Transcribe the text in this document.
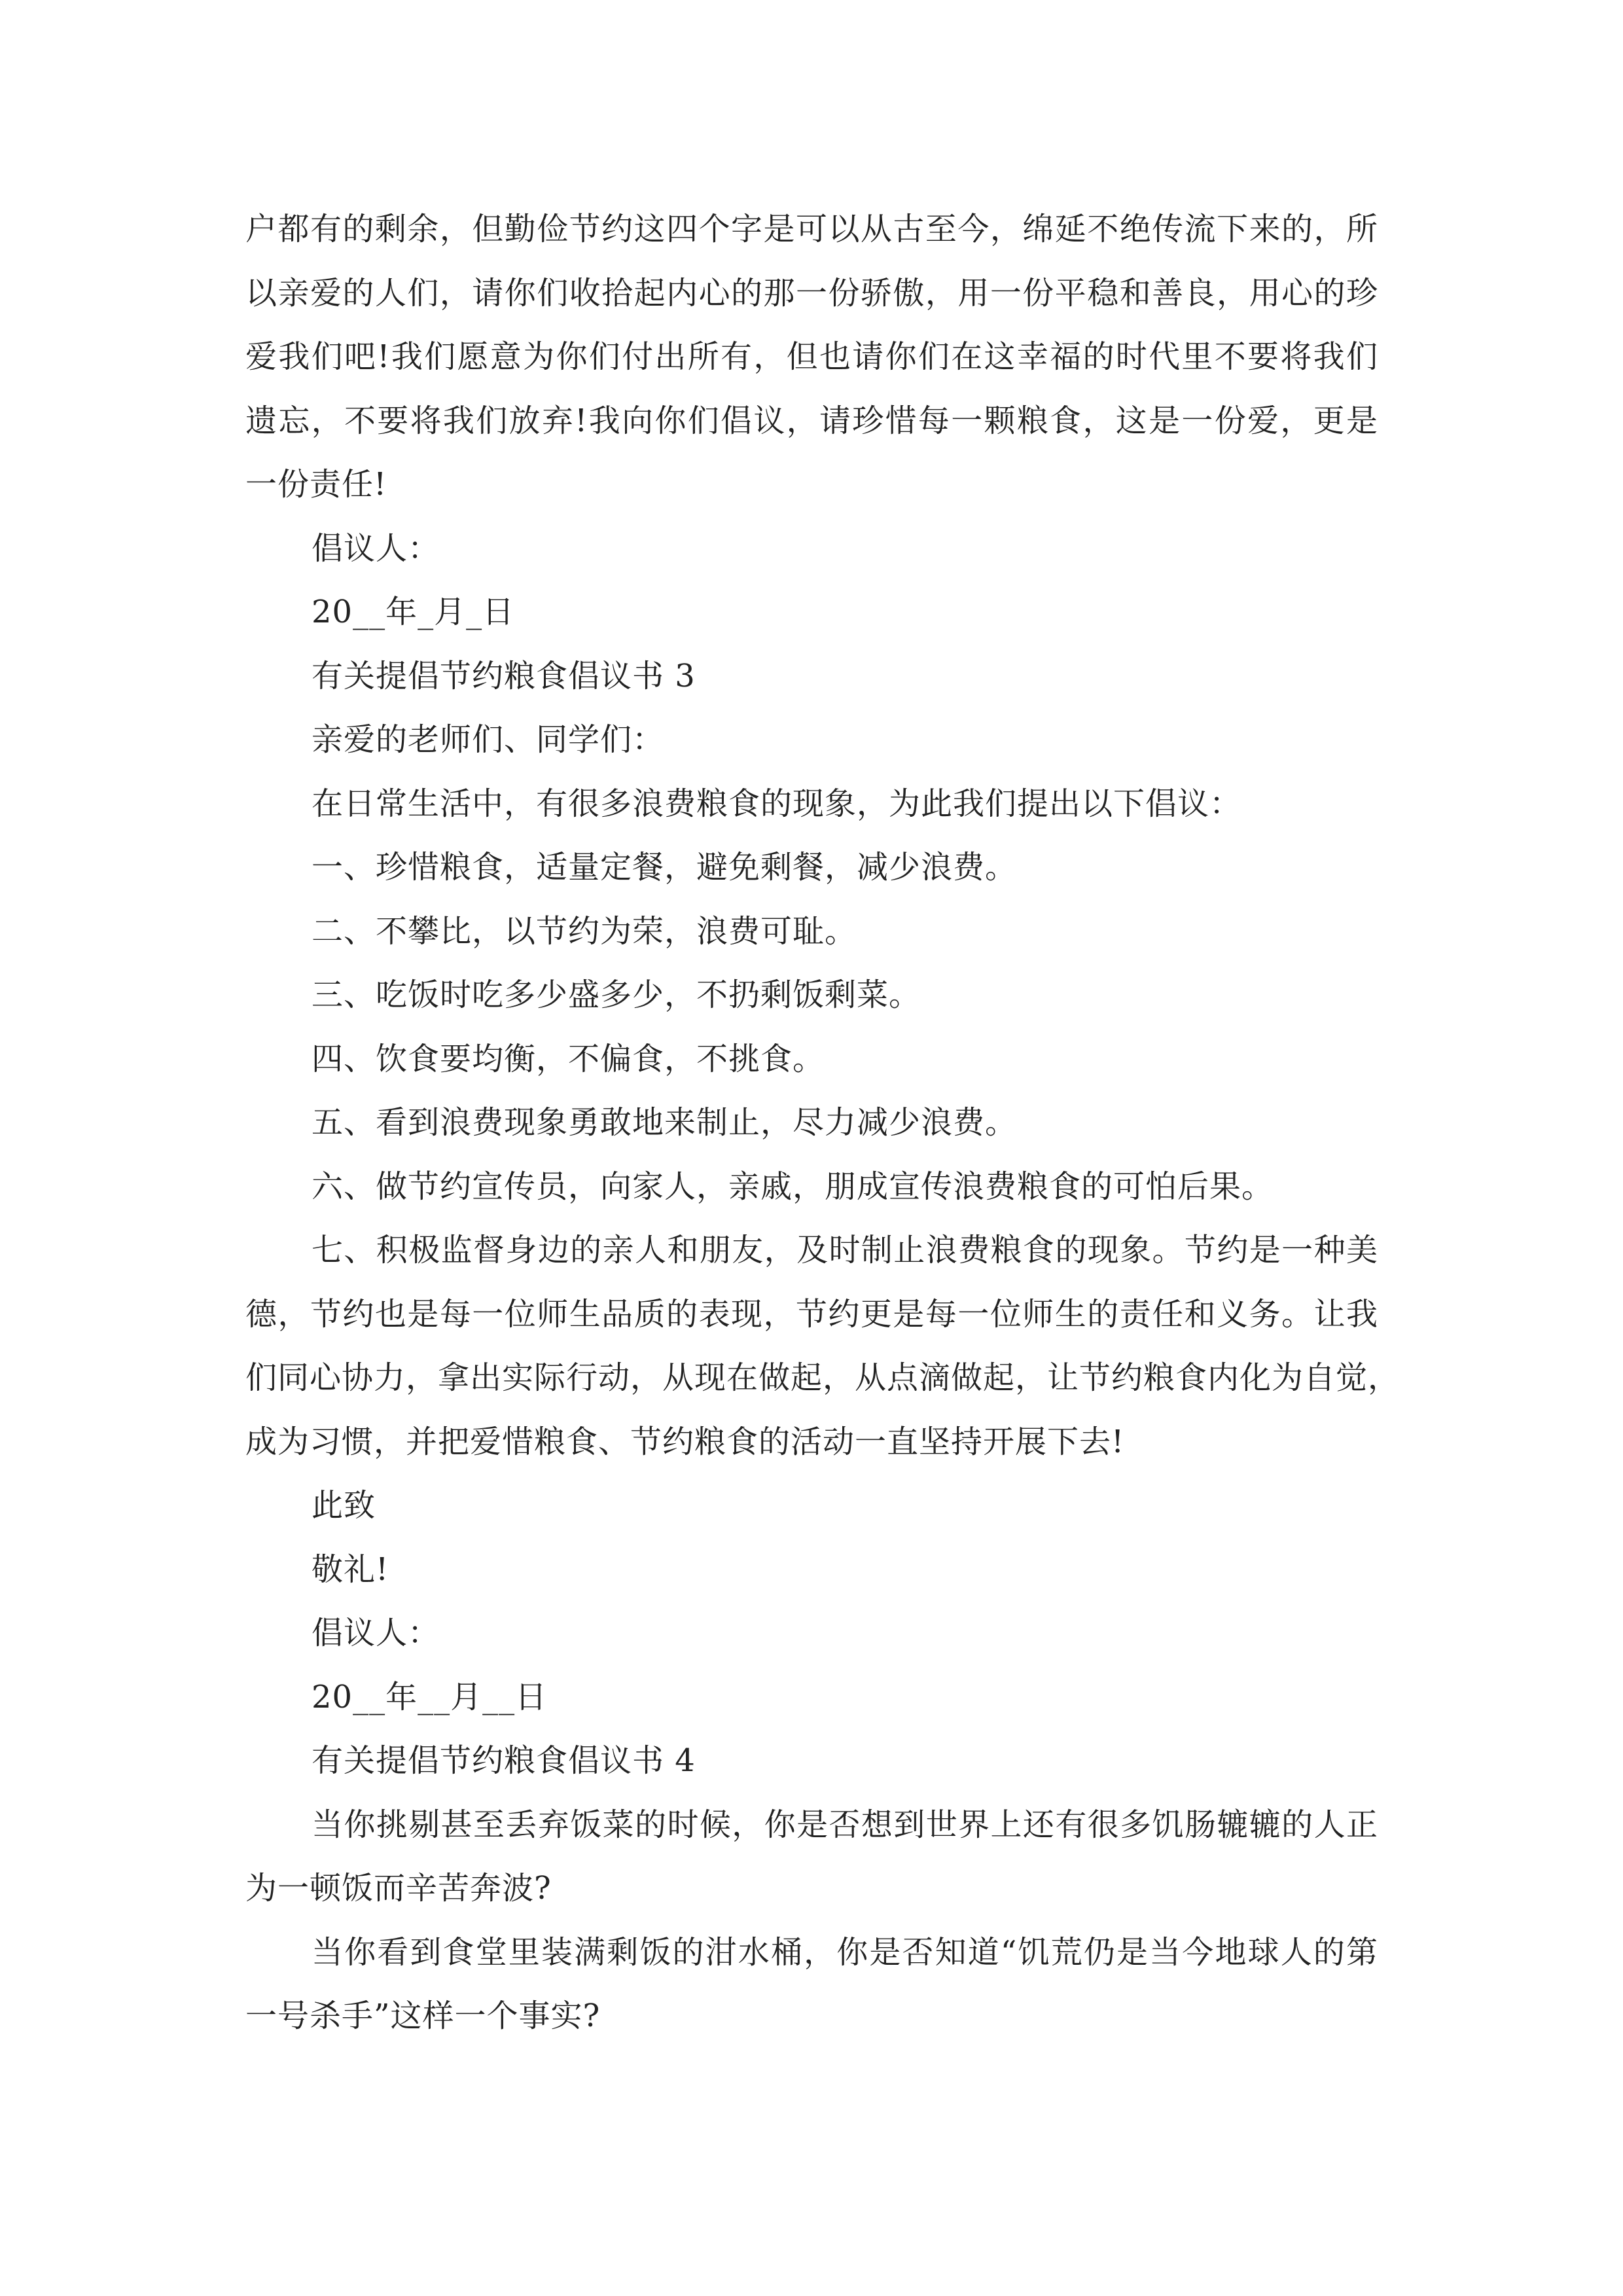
户都有的剩余，但勤俭节约这四个字是可以从古至今，绵延不绝传流下来的，所
以亲爱的人们，请你们收拾起内心的那一份骄傲，用一份平稳和善良，用心的珍
爱我们吧!我们愿意为你们付出所有，但也请你们在这幸福的时代里不要将我们
遗忘，不要将我们放弃!我向你们倡议，请珍惜每一颗粮食，这是一份爱，更是
一份责任!
倡议人：
20__年_月_日
有关提倡节约粮食倡议书 3
亲爱的老师们、同学们：
在日常生活中，有很多浪费粮食的现象，为此我们提出以下倡议：
一、珍惜粮食，适量定餐，避免剩餐，减少浪费。
二、不攀比，以节约为荣，浪费可耻。
三、吃饭时吃多少盛多少，不扔剩饭剩菜。
四、饮食要均衡，不偏食，不挑食。
五、看到浪费现象勇敢地来制止，尽力减少浪费。
六、做节约宣传员，向家人，亲戚，朋成宣传浪费粮食的可怕后果。
七、积极监督身边的亲人和朋友，及时制止浪费粮食的现象。节约是一种美
德，节约也是每一位师生品质的表现，节约更是每一位师生的责任和义务。让我
们同心协力，拿出实际行动，从现在做起，从点滴做起，让节约粮食内化为自觉，
成为习惯，并把爱惜粮食、节约粮食的活动一直坚持开展下去!
此致
敬礼!
倡议人：
20__年__月__日
有关提倡节约粮食倡议书 4
当你挑剔甚至丢弃饭菜的时候，你是否想到世界上还有很多饥肠辘辘的人正
为一顿饭而辛苦奔波?
当你看到食堂里装满剩饭的泔水桶，你是否知道“饥荒仍是当今地球人的第
一号杀手”这样一个事实?
